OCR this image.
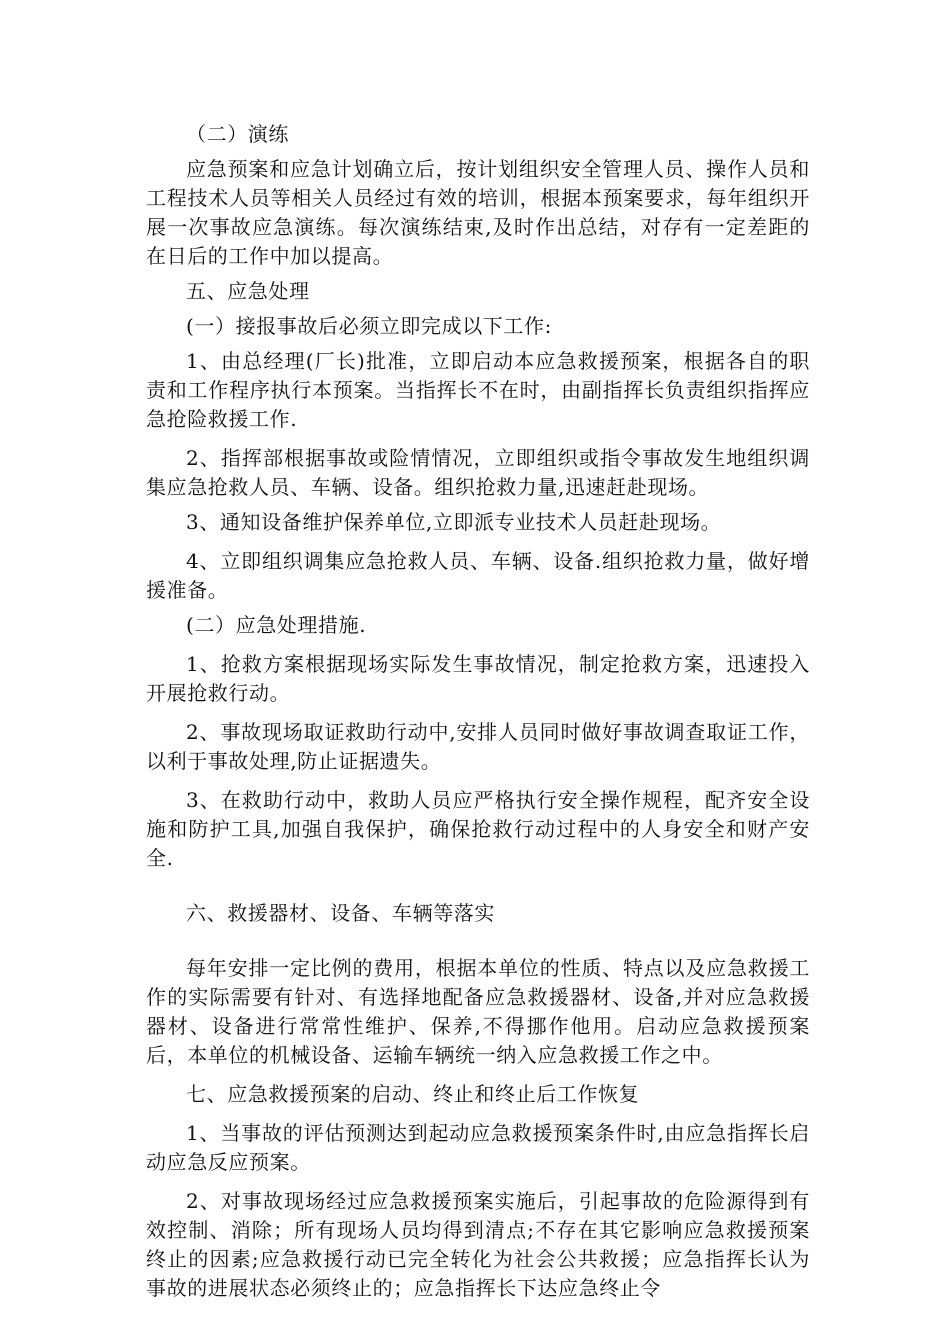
（二）演练

应急预案和应急计划确立后，按计划组织安全管理人员、操作人员和工程技术人员等相关人员经过有效的培训，根据本预案要求，每年组织开展一次事故应急演练。每次演练结束,及时作出总结，对存有一定差距的在日后的工作中加以提高。

五、应急处理

(一）接报事故后必须立即完成以下工作:

1、由总经理(厂长)批准，立即启动本应急救援预案，根据各自的职责和工作程序执行本预案。当指挥长不在时，由副指挥长负责组织指挥应急抢险救援工作.

2、指挥部根据事故或险情情况，立即组织或指令事故发生地组织调集应急抢救人员、车辆、设备。组织抢救力量,迅速赶赴现场。

3、通知设备维护保养单位,立即派专业技术人员赶赴现场。

4、立即组织调集应急抢救人员、车辆、设备.组织抢救力量，做好增援准备。

(二）应急处理措施.

1、抢救方案根据现场实际发生事故情况，制定抢救方案，迅速投入开展抢救行动。

2、事故现场取证救助行动中,安排人员同时做好事故调查取证工作，以利于事故处理,防止证据遗失。

3、在救助行动中，救助人员应严格执行安全操作规程，配齐安全设施和防护工具,加强自我保护，确保抢救行动过程中的人身安全和财产安全.

六、救援器材、设备、车辆等落实

每年安排一定比例的费用，根据本单位的性质、特点以及应急救援工作的实际需要有针对、有选择地配备应急救援器材、设备,并对应急救援器材、设备进行常常性维护、保养,不得挪作他用。启动应急救援预案后，本单位的机械设备、运输车辆统一纳入应急救援工作之中。

七、应急救援预案的启动、终止和终止后工作恢复

1、当事故的评估预测达到起动应急救援预案条件时,由应急指挥长启动应急反应预案。

2、对事故现场经过应急救援预案实施后，引起事故的危险源得到有效控制、消除；所有现场人员均得到清点;不存在其它影响应急救援预案终止的因素;应急救援行动已完全转化为社会公共救援；应急指挥长认为事故的进展状态必须终止的；应急指挥长下达应急终止令
